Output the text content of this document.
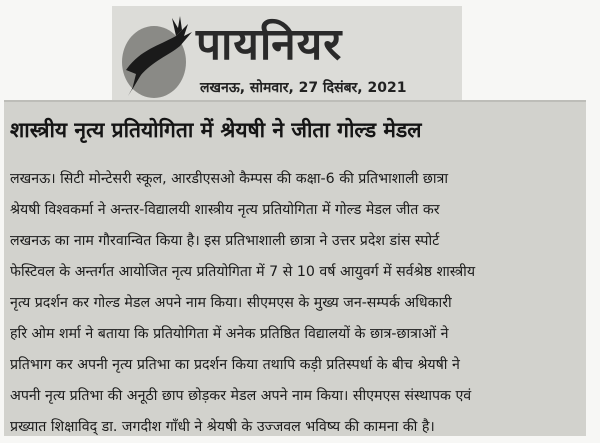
पायनियर
लखनऊ, सोमवार, 27 दिसंबर, 2021
शास्त्रीय नृत्य प्रतियोगिता में श्रेयषी ने जीता गोल्ड मेडल
लखनऊ। सिटी मोन्टेसरी स्कूल, आरडीएसओ कैम्पस की कक्षा-6 की प्रतिभाशाली छात्रा
श्रेयषी विश्वकर्मा ने अन्तर-विद्यालयी शास्त्रीय नृत्य प्रतियोगिता में गोल्ड मेडल जीत कर
लखनऊ का नाम गौरवान्वित किया है। इस प्रतिभाशाली छात्रा ने उत्तर प्रदेश डांस स्पोर्ट
फेस्टिवल के अन्तर्गत आयोजित नृत्य प्रतियोगिता में 7 से 10 वर्ष आयुवर्ग में सर्वश्रेष्ठ शास्त्रीय
नृत्य प्रदर्शन कर गोल्ड मेडल अपने नाम किया। सीएमएस के मुख्य जन-सम्पर्क अधिकारी
हरि ओम शर्मा ने बताया कि प्रतियोगिता में अनेक प्रतिष्ठित विद्यालयों के छात्र-छात्राओं ने
प्रतिभाग कर अपनी नृत्य प्रतिभा का प्रदर्शन किया तथापि कड़ी प्रतिस्पर्धा के बीच श्रेयषी ने
अपनी नृत्य प्रतिभा की अनूठी छाप छोड़कर मेडल अपने नाम किया। सीएमएस संस्थापक एवं
प्रख्यात शिक्षाविद् डा. जगदीश गाँधी ने श्रेयषी के उज्जवल भविष्य की कामना की है।
